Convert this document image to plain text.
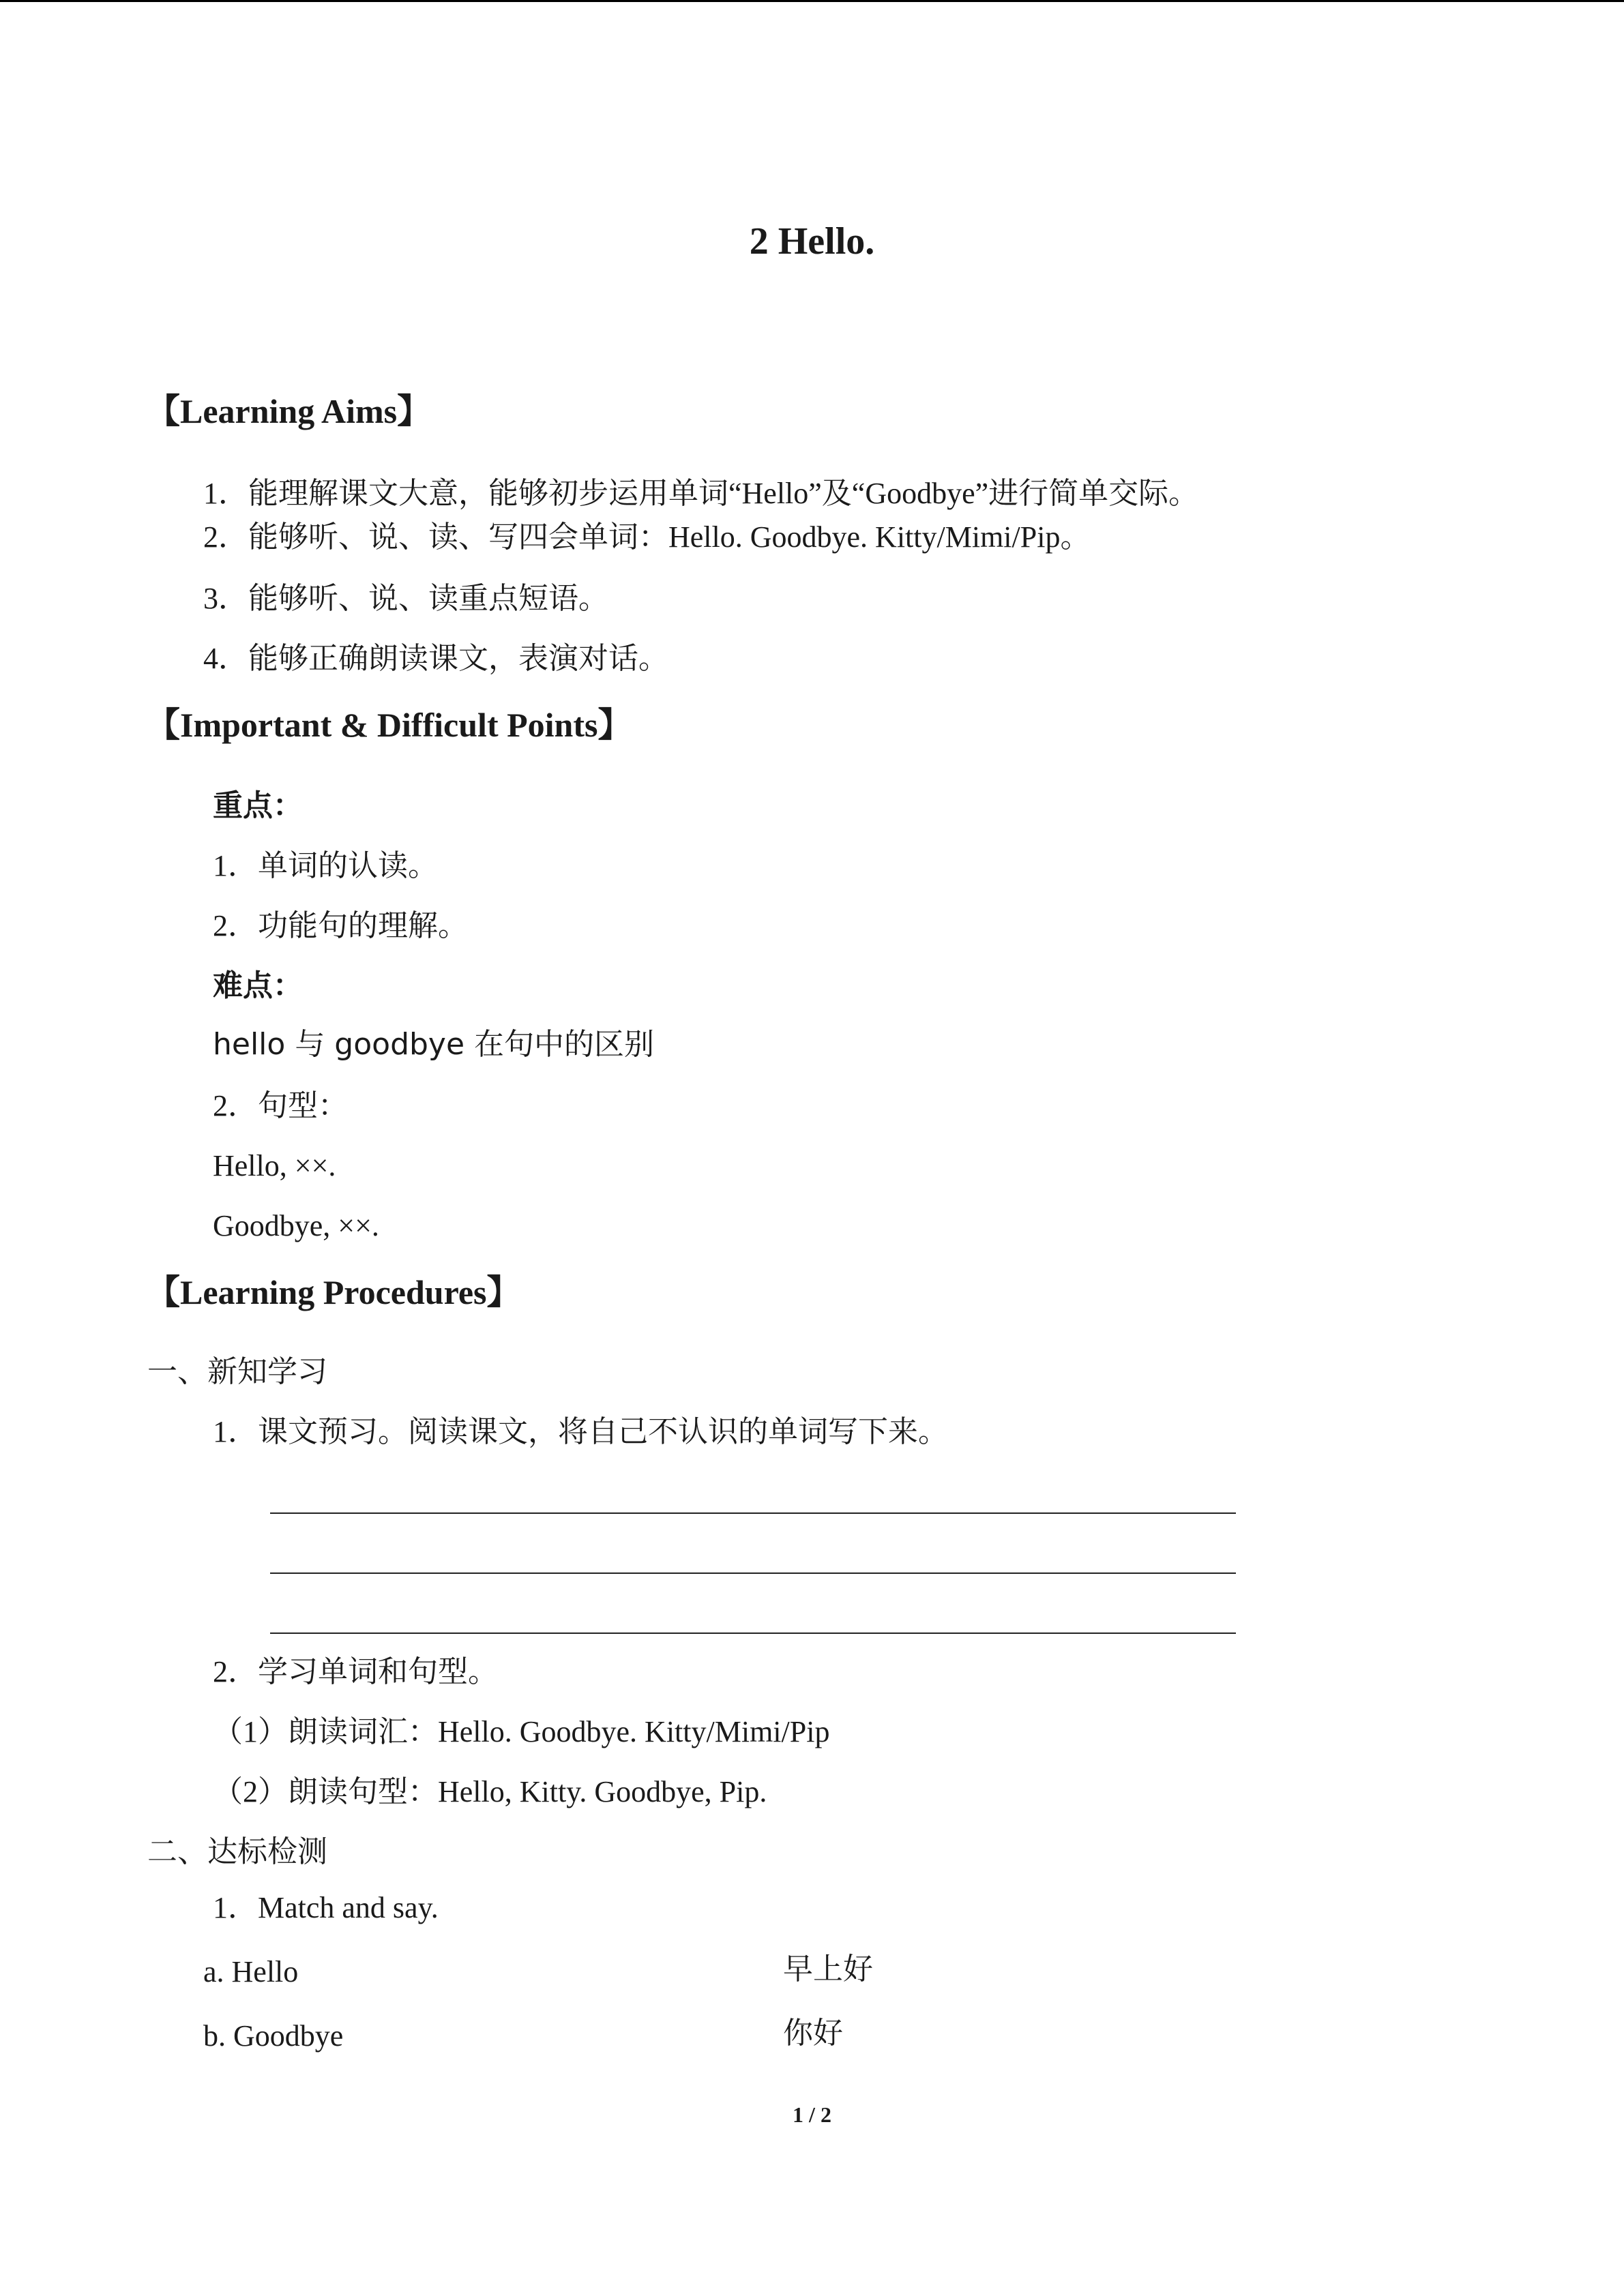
2 Hello.
【Learning Aims】
1．能理解课文大意，能够初步运用单词“Hello”及“Goodbye”进行简单交际。
2．能够听、说、读、写四会单词：Hello. Goodbye. Kitty/Mimi/Pip。
3．能够听、说、读重点短语。
4．能够正确朗读课文，表演对话。
【Important & Difficult Points】
重点：
1．单词的认读。
2．功能句的理解。
难点：
hello 与 goodbye 在句中的区别
2．句型：
Hello, ××.
Goodbye, ××.
【Learning Procedures】
一、新知学习
1．课文预习。阅读课文，将自己不认识的单词写下来。
2．学习单词和句型。
（1）朗读词汇：Hello. Goodbye. Kitty/Mimi/Pip
（2）朗读句型：Hello, Kitty. Goodbye, Pip.
二、达标检测
1．Match and say.
a. Hello	早上好
b. Goodbye	你好
1 / 2
